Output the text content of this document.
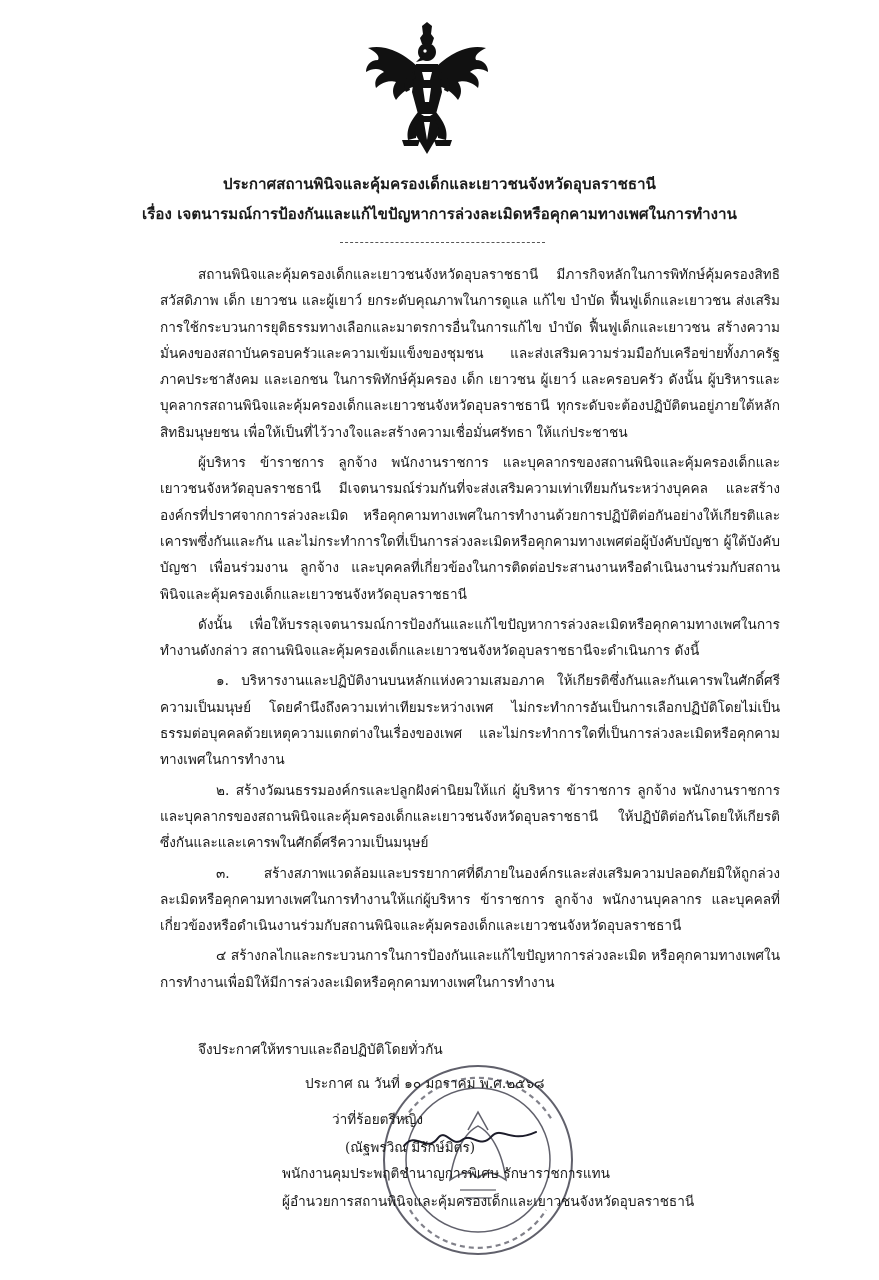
ประกาศสถานพินิจและคุ้มครองเด็กและเยาวชนจังหวัดอุบลราชธานี
เรื่อง เจตนารมณ์การป้องกันและแก้ไขปัญหาการล่วงละเมิดหรือคุกคามทางเพศในการทำงาน

สถานพินิจและคุ้มครองเด็กและเยาวชนจังหวัดอุบลราชธานี มีภารกิจหลักในการพิทักษ์คุ้มครองสิทธิ สวัสดิภาพ เด็ก เยาวชน และผู้เยาว์ ยกระดับคุณภาพในการดูแล แก้ไข บำบัด ฟื้นฟูเด็กและเยาวชน ส่งเสริมการใช้กระบวนการยุติธรรมทางเลือกและมาตรการอื่นในการแก้ไข บำบัด ฟื้นฟูเด็กและเยาวชน สร้างความมั่นคงของสถาบันครอบครัวและความเข้มแข็งของชุมชน และส่งเสริมความร่วมมือกับเครือข่ายทั้งภาครัฐ ภาคประชาสังคม และเอกชน ในการพิทักษ์คุ้มครอง เด็ก เยาวชน ผู้เยาว์ และครอบครัว ดังนั้น ผู้บริหารและบุคลากรสถานพินิจและคุ้มครองเด็กและเยาวชนจังหวัดอุบลราชธานี ทุกระดับจะต้องปฏิบัติตนอยู่ภายใต้หลักสิทธิมนุษยชน เพื่อให้เป็นที่ไว้วางใจและสร้างความเชื่อมั่นศรัทธา ให้แก่ประชาชน

ผู้บริหาร ข้าราชการ ลูกจ้าง พนักงานราชการ และบุคลากรของสถานพินิจและคุ้มครองเด็กและเยาวชนจังหวัดอุบลราชธานี มีเจตนารมณ์ร่วมกันที่จะส่งเสริมความเท่าเทียมกันระหว่างบุคคล และสร้างองค์กรที่ปราศจากการล่วงละเมิด หรือคุกคามทางเพศในการทำงานด้วยการปฏิบัติต่อกันอย่างให้เกียรติและเคารพซึ่งกันและกัน และไม่กระทำการใดที่เป็นการล่วงละเมิดหรือคุกคามทางเพศต่อผู้บังคับบัญชา ผู้ใต้บังคับบัญชา เพื่อนร่วมงาน ลูกจ้าง และบุคคลที่เกี่ยวข้องในการติดต่อประสานงานหรือดำเนินงานร่วมกับสถานพินิจและคุ้มครองเด็กและเยาวชนจังหวัดอุบลราชธานี

ดังนั้น เพื่อให้บรรลุเจตนารมณ์การป้องกันและแก้ไขปัญหาการล่วงละเมิดหรือคุกคามทางเพศในการทำงานดังกล่าว สถานพินิจและคุ้มครองเด็กและเยาวชนจังหวัดอุบลราชธานีจะดำเนินการ ดังนี้

๑. บริหารงานและปฏิบัติงานบนหลักแห่งความเสมอภาค ให้เกียรติซึ่งกันและกันเคารพในศักดิ์ศรีความเป็นมนุษย์ โดยคำนึงถึงความเท่าเทียมระหว่างเพศ ไม่กระทำการอันเป็นการเลือกปฏิบัติโดยไม่เป็นธรรมต่อบุคคลด้วยเหตุความแตกต่างในเรื่องของเพศ และไม่กระทำการใดที่เป็นการล่วงละเมิดหรือคุกคามทางเพศในการทำงาน

๒. สร้างวัฒนธรรมองค์กรและปลูกฝังค่านิยมให้แก่ ผู้บริหาร ข้าราชการ ลูกจ้าง พนักงานราชการและบุคลากรของสถานพินิจและคุ้มครองเด็กและเยาวชนจังหวัดอุบลราชธานี ให้ปฏิบัติต่อกันโดยให้เกียรติซึ่งกันและและเคารพในศักดิ์ศรีความเป็นมนุษย์

๓. สร้างสภาพแวดล้อมและบรรยากาศที่ดีภายในองค์กรและส่งเสริมความปลอดภัยมิให้ถูกล่วงละเมิดหรือคุกคามทางเพศในการทำงานให้แก่ผู้บริหาร ข้าราชการ ลูกจ้าง พนักงานบุคลากร และบุคคลที่เกี่ยวข้องหรือดำเนินงานร่วมกับสถานพินิจและคุ้มครองเด็กและเยาวชนจังหวัดอุบลราชธานี

๔ สร้างกลไกและกระบวนการในการป้องกันและแก้ไขปัญหาการล่วงละเมิด หรือคุกคามทางเพศในการทำงานเพื่อมิให้มีการล่วงละเมิดหรือคุกคามทางเพศในการทำงาน

จึงประกาศให้ทราบและถือปฏิบัติโดยทั่วกัน
ประกาศ ณ วันที่ ๑๐ มกราคม พ.ศ.๒๕๖๘
ว่าที่ร้อยตรีหญิง
(ณัฐพรวิณ มีรักษ์มิตร)
พนักงานคุมประพฤติชำนาญการพิเศษ รักษาราชการแทน
ผู้อำนวยการสถานพินิจและคุ้มครองเด็กและเยาวชนจังหวัดอุบลราชธานี
